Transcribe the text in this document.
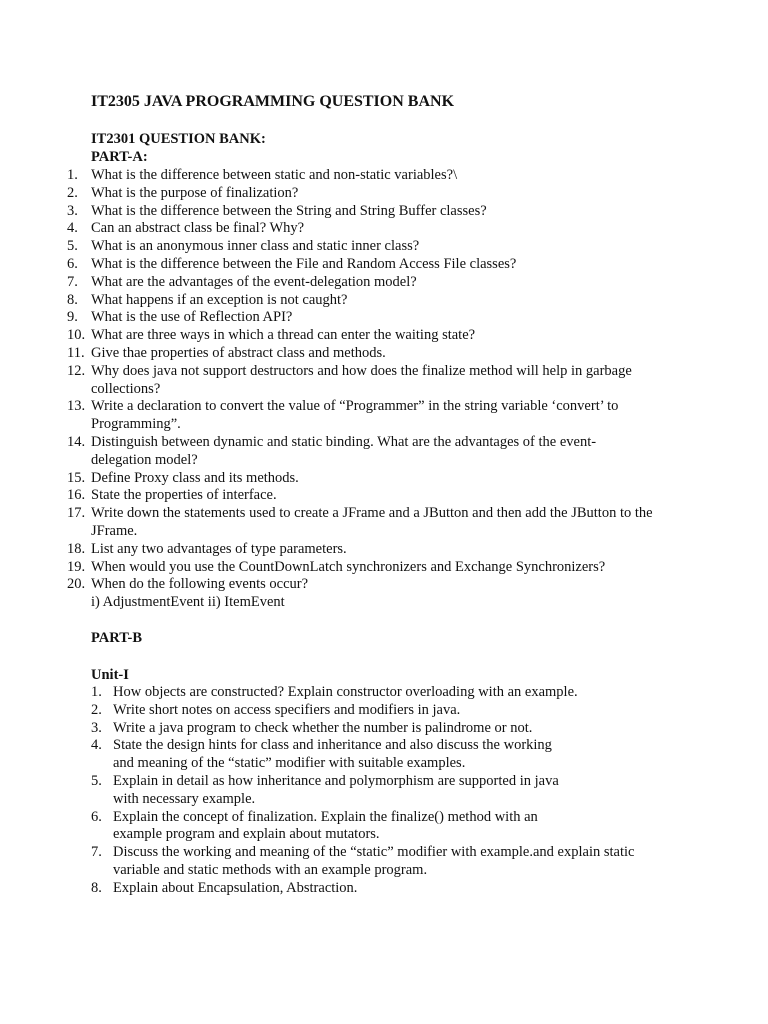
IT2305 JAVA PROGRAMMING QUESTION BANK
IT2301 QUESTION BANK:
PART-A:
1. What is the difference between static and non-static variables?\
2. What is the purpose of finalization?
3. What is the difference between the String and String Buffer classes?
4. Can an abstract class be final? Why?
5. What is an anonymous inner class and static inner class?
6. What is the difference between the File and Random Access File classes?
7. What are the advantages of the event-delegation model?
8. What happens if an exception is not caught?
9. What is the use of Reflection API?
10. What are three ways in which a thread can enter the waiting state?
11. Give thae properties of abstract class and methods.
12. Why does java not support destructors and how does the finalize method will help in garbage
collections?
13. Write a declaration to convert the value of “Programmer” in the string variable ‘convert’ to
Programming”.
14. Distinguish between dynamic and static binding. What are the advantages of the event-
delegation model?
15. Define Proxy class and its methods.
16. State the properties of interface.
17. Write down the statements used to create a JFrame and a JButton and then add the JButton to the
JFrame.
18. List any two advantages of type parameters.
19. When would you use the CountDownLatch synchronizers and Exchange Synchronizers?
20. When do the following events occur?
i) AdjustmentEvent ii) ItemEvent
PART-B
Unit-I
1. How objects are constructed? Explain constructor overloading with an example.
2. Write short notes on access specifiers and modifiers in java.
3. Write a java program to check whether the number is palindrome or not.
4. State the design hints for class and inheritance and also discuss the working
and meaning of the “static” modifier with suitable examples.
5. Explain in detail as how inheritance and polymorphism are supported in java
with necessary example.
6. Explain the concept of finalization. Explain the finalize() method with an
example program and explain about mutators.
7. Discuss the working and meaning of the “static” modifier with example.and explain static
variable and static methods with an example program.
8. Explain about Encapsulation, Abstraction.
